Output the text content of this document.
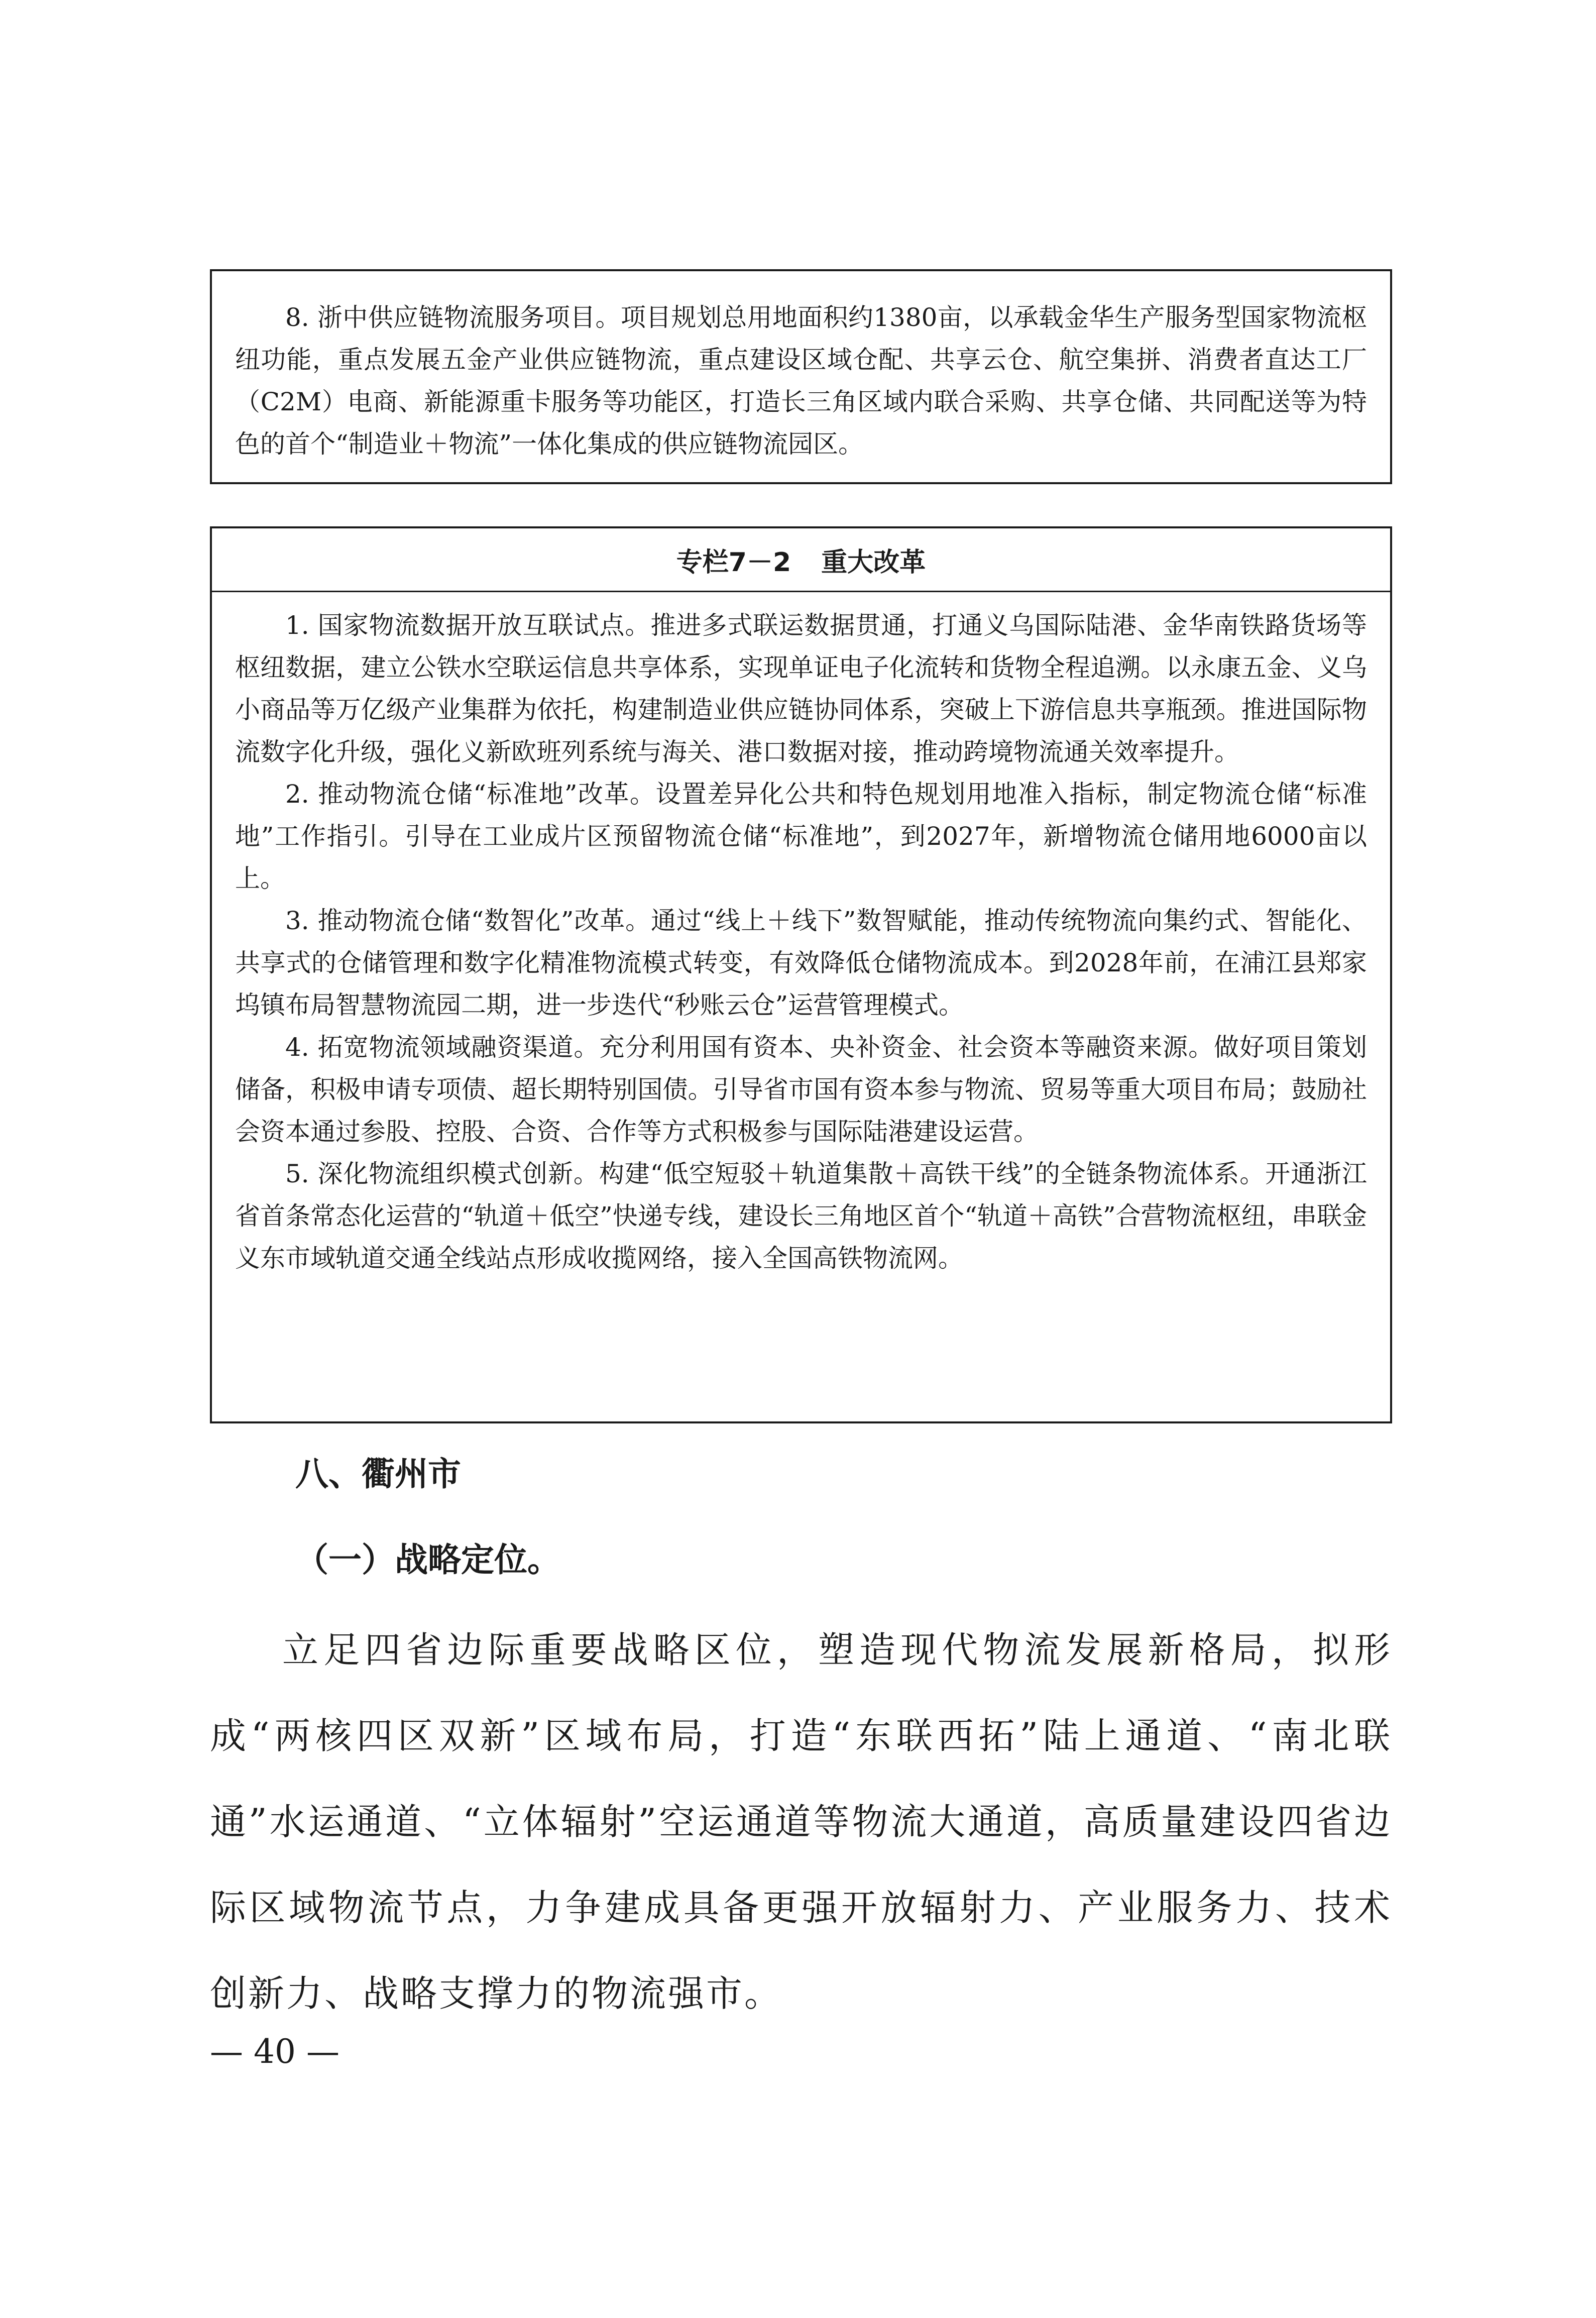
8. 浙中供应链物流服务项目。项目规划总用地面积约1380亩，以承载金华生产服务型国家物流枢纽功能，重点发展五金产业供应链物流，重点建设区域仓配、共享云仓、航空集拼、消费者直达工厂（C2M）电商、新能源重卡服务等功能区，打造长三角区域内联合采购、共享仓储、共同配送等为特色的首个“制造业＋物流”一体化集成的供应链物流园区。

专栏7－2 重大改革

1. 国家物流数据开放互联试点。推进多式联运数据贯通，打通义乌国际陆港、金华南铁路货场等枢纽数据，建立公铁水空联运信息共享体系，实现单证电子化流转和货物全程追溯。以永康五金、义乌小商品等万亿级产业集群为依托，构建制造业供应链协同体系，突破上下游信息共享瓶颈。推进国际物流数字化升级，强化义新欧班列系统与海关、港口数据对接，推动跨境物流通关效率提升。

2. 推动物流仓储“标准地”改革。设置差异化公共和特色规划用地准入指标，制定物流仓储“标准地”工作指引。引导在工业成片区预留物流仓储“标准地”，到2027年，新增物流仓储用地6000亩以上。

3. 推动物流仓储“数智化”改革。通过“线上＋线下”数智赋能，推动传统物流向集约式、智能化、共享式的仓储管理和数字化精准物流模式转变，有效降低仓储物流成本。到2028年前，在浦江县郑家坞镇布局智慧物流园二期，进一步迭代“秒账云仓”运营管理模式。

4. 拓宽物流领域融资渠道。充分利用国有资本、央补资金、社会资本等融资来源。做好项目策划储备，积极申请专项债、超长期特别国债。引导省市国有资本参与物流、贸易等重大项目布局；鼓励社会资本通过参股、控股、合资、合作等方式积极参与国际陆港建设运营。

5. 深化物流组织模式创新。构建“低空短驳＋轨道集散＋高铁干线”的全链条物流体系。开通浙江省首条常态化运营的“轨道＋低空”快递专线，建设长三角地区首个“轨道＋高铁”合营物流枢纽，串联金义东市域轨道交通全线站点形成收揽网络，接入全国高铁物流网。

八、衢州市
（一）战略定位。

立足四省边际重要战略区位，塑造现代物流发展新格局，拟形成“两核四区双新”区域布局，打造“东联西拓”陆上通道、“南北联通”水运通道、“立体辐射”空运通道等物流大通道，高质量建设四省边际区域物流节点，力争建成具备更强开放辐射力、产业服务力、技术创新力、战略支撑力的物流强市。

— 40 —
